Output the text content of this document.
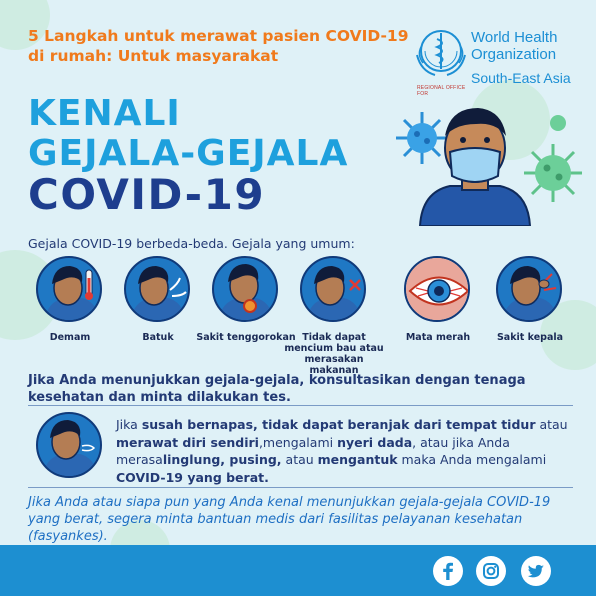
5 Langkah untuk merawat pasien COVID-19 di rumah: Untuk masyarakat
World Health Organization
REGIONAL OFFICE FOR
South-East Asia
KENALI
GEJALA-GEJALA
COVID-19
Gejala COVID-19 berbeda-beda. Gejala yang umum:
Demam	Batuk	Sakit tenggorokan Tidak dapat mencium bau atau merasakan makanan
Mata merah	Sakit kepala
Jika Anda menunjukkan gejala-gejala, konsultasikan dengan tenaga kesehatan dan minta dilakukan tes.
Jika susah bernapas, tidak dapat beranjak dari tempat tidur atau merawat diri sendiri,mengalami nyeri dada, atau jika Anda merasalinglung, pusing, atau mengantuk maka Anda mengalami COVID-19 yang berat.
Jika Anda atau siapa pun yang Anda kenal menunjukkan gejala-gejala COVID-19 yang berat, segera minta bantuan medis dari fasilitas pelayanan kesehatan (fasyankes).
